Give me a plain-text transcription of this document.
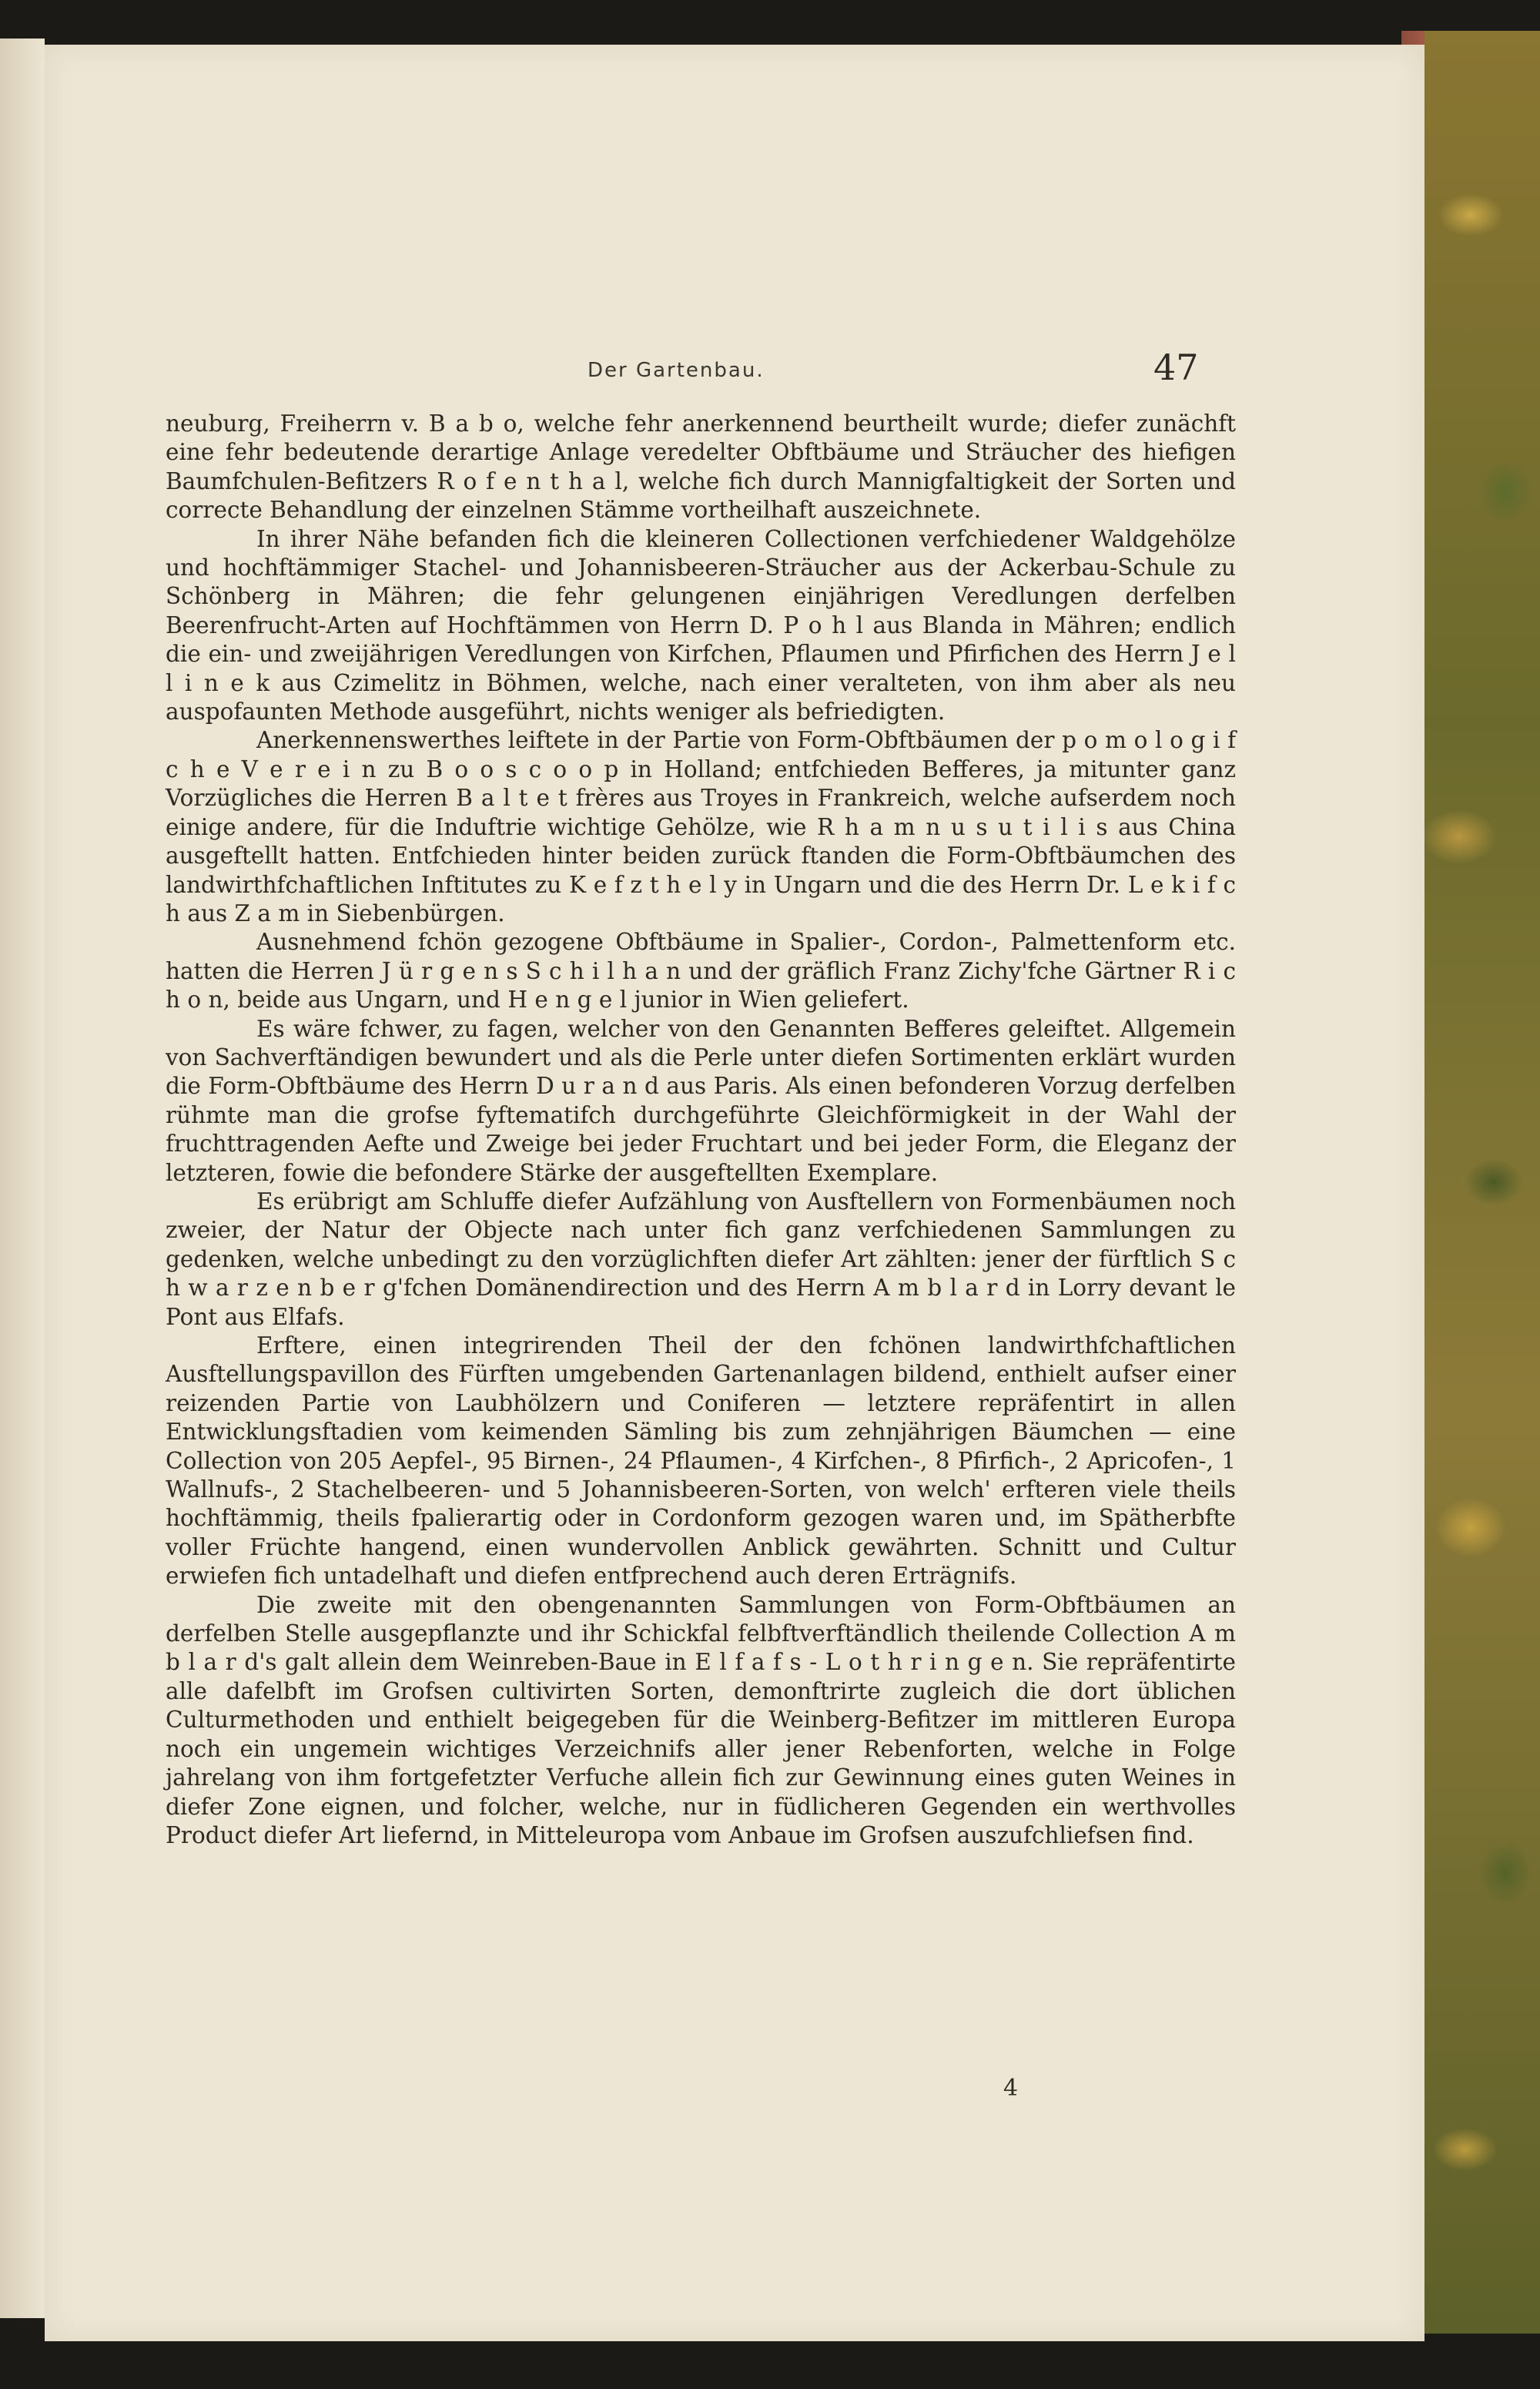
Der Gartenbau.	47

neuburg, Freiherrn v. B a b o, welche fehr anerkennend beurtheilt wurde; diefer zunächft eine fehr bedeutende derartige Anlage veredelter Obftbäume und Sträucher des hiefigen Baumfchulen-Befitzers R o f e n t h a l, welche fich durch Mannigfaltigkeit der Sorten und correcte Behandlung der einzelnen Stämme vortheilhaft auszeichnete.

In ihrer Nähe befanden fich die kleineren Collectionen verfchiedener Waldgehölze und hochftämmiger Stachel- und Johannisbeeren-Sträucher aus der Ackerbau-Schule zu Schönberg in Mähren; die fehr gelungenen einjährigen Veredlungen derfelben Beerenfrucht-Arten auf Hochftämmen von Herrn D. P o h l aus Blanda in Mähren; endlich die ein- und zweijährigen Veredlungen von Kirfchen, Pflaumen und Pfirfichen des Herrn J e l l i n e k aus Czimelitz in Böhmen, welche, nach einer veralteten, von ihm aber als neu auspofaunten Methode ausgeführt, nichts weniger als befriedigten.

Anerkennenswerthes leiftete in der Partie von Form-Obftbäumen der p o m o l o g i f c h e V e r e i n zu B o o s c o o p in Holland; entfchieden Befferes, ja mitunter ganz Vorzügliches die Herren B a l t e t frères aus Troyes in Frankreich, welche aufserdem noch einige andere, für die Induftrie wichtige Gehölze, wie R h a m n u s u t i l i s aus China ausgeftellt hatten. Entfchieden hinter beiden zurück ftanden die Form-Obftbäumchen des landwirthfchaftlichen Inftitutes zu K e f z t h e l y in Ungarn und die des Herrn Dr. L e k i f c h aus Z a m in Siebenbürgen.

Ausnehmend fchön gezogene Obftbäume in Spalier-, Cordon-, Palmettenform etc. hatten die Herren J ü r g e n s S c h i l h a n und der gräflich Franz Zichy'fche Gärtner R i c h o n, beide aus Ungarn, und H e n g e l junior in Wien geliefert.

Es wäre fchwer, zu fagen, welcher von den Genannten Befferes geleiftet. Allgemein von Sachverftändigen bewundert und als die Perle unter diefen Sortimenten erklärt wurden die Form-Obftbäume des Herrn D u r a n d aus Paris. Als einen befonderen Vorzug derfelben rühmte man die grofse fyftematifch durchgeführte Gleichförmigkeit in der Wahl der fruchttragenden Aefte und Zweige bei jeder Fruchtart und bei jeder Form, die Eleganz der letzteren, fowie die befondere Stärke der ausgeftellten Exemplare.

Es erübrigt am Schluffe diefer Aufzählung von Ausftellern von Formenbäumen noch zweier, der Natur der Objecte nach unter fich ganz verfchiedenen Sammlungen zu gedenken, welche unbedingt zu den vorzüglichften diefer Art zählten: jener der fürftlich S c h w a r z e n b e r g'fchen Domänendirection und des Herrn A m b l a r d in Lorry devant le Pont aus Elfafs.

Erftere, einen integrirenden Theil der den fchönen landwirthfchaftlichen Ausftellungspavillon des Fürften umgebenden Gartenanlagen bildend, enthielt aufser einer reizenden Partie von Laubhölzern und Coniferen — letztere repräfentirt in allen Entwicklungsftadien vom keimenden Sämling bis zum zehnjährigen Bäumchen — eine Collection von 205 Aepfel-, 95 Birnen-, 24 Pflaumen-, 4 Kirfchen-, 8 Pfirfich-, 2 Apricofen-, 1 Wallnufs-, 2 Stachelbeeren- und 5 Johannisbeeren-Sorten, von welch' erfteren viele theils hochftämmig, theils fpalierartig oder in Cordonform gezogen waren und, im Spätherbfte voller Früchte hangend, einen wundervollen Anblick gewährten. Schnitt und Cultur erwiefen fich untadelhaft und diefen entfprechend auch deren Erträgnifs.

Die zweite mit den obengenannten Sammlungen von Form-Obftbäumen an derfelben Stelle ausgepflanzte und ihr Schickfal felbftverftändlich theilende Collection A m b l a r d's galt allein dem Weinreben-Baue in E l f a f s - L o t h r i n g e n. Sie repräfentirte alle dafelbft im Grofsen cultivirten Sorten, demonftrirte zugleich die dort üblichen Culturmethoden und enthielt beigegeben für die Weinberg-Befitzer im mittleren Europa noch ein ungemein wichtiges Verzeichnifs aller jener Rebenforten, welche in Folge jahrelang von ihm fortgefetzter Verfuche allein fich zur Gewinnung eines guten Weines in diefer Zone eignen, und folcher, welche, nur in füdlicheren Gegenden ein werthvolles Product diefer Art liefernd, in Mitteleuropa vom Anbaue im Grofsen auszufchliefsen find.

4
